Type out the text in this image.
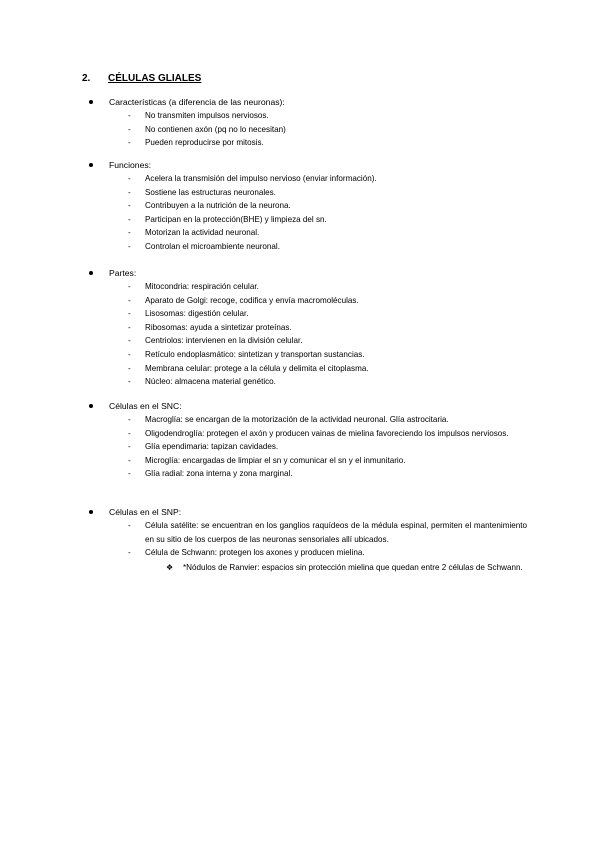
2. CÉLULAS GLIALES
Características (a diferencia de las neuronas):
- No transmiten impulsos nerviosos.
- No contienen axón (pq no lo necesitan)
- Pueden reproducirse por mitosis.
Funciones:
- Acelera la transmisión del impulso nervioso (enviar información).
- Sostiene las estructuras neuronales.
- Contribuyen a la nutrición de la neurona.
- Participan en la protección(BHE) y limpieza del sn.
- Motorizan la actividad neuronal.
- Controlan el microambiente neuronal.
Partes:
- Mitocondria: respiración celular.
- Aparato de Golgi: recoge, codifica y envía macromoléculas.
- Lisosomas: digestión celular.
- Ribosomas: ayuda a sintetizar proteínas.
- Centriolos: intervienen en la división celular.
- Retículo endoplasmático: sintetizan y transportan sustancias.
- Membrana celular: protege a la célula y delimita el citoplasma.
- Núcleo: almacena material genético.
Células en el SNC:
- Macroglía: se encargan de la motorización de la actividad neuronal. Glía astrocitaria.
- Oligodendroglía: protegen el axón y producen vainas de mielina favoreciendo los impulsos nerviosos.
- Glía ependimaria: tapizan cavidades.
- Microglía: encargadas de limpiar el sn y comunicar el sn y el inmunitario.
- Glía radial: zona interna y zona marginal.
Células en el SNP:
- Célula satélite: se encuentran en los ganglios raquídeos de la médula espinal, permiten el mantenimiento en su sitio de los cuerpos de las neuronas sensoriales allí ubicados.
- Célula de Schwann: protegen los axones y producen mielina.
❖ *Nódulos de Ranvier: espacios sin protección mielina que quedan entre 2 células de Schwann.
